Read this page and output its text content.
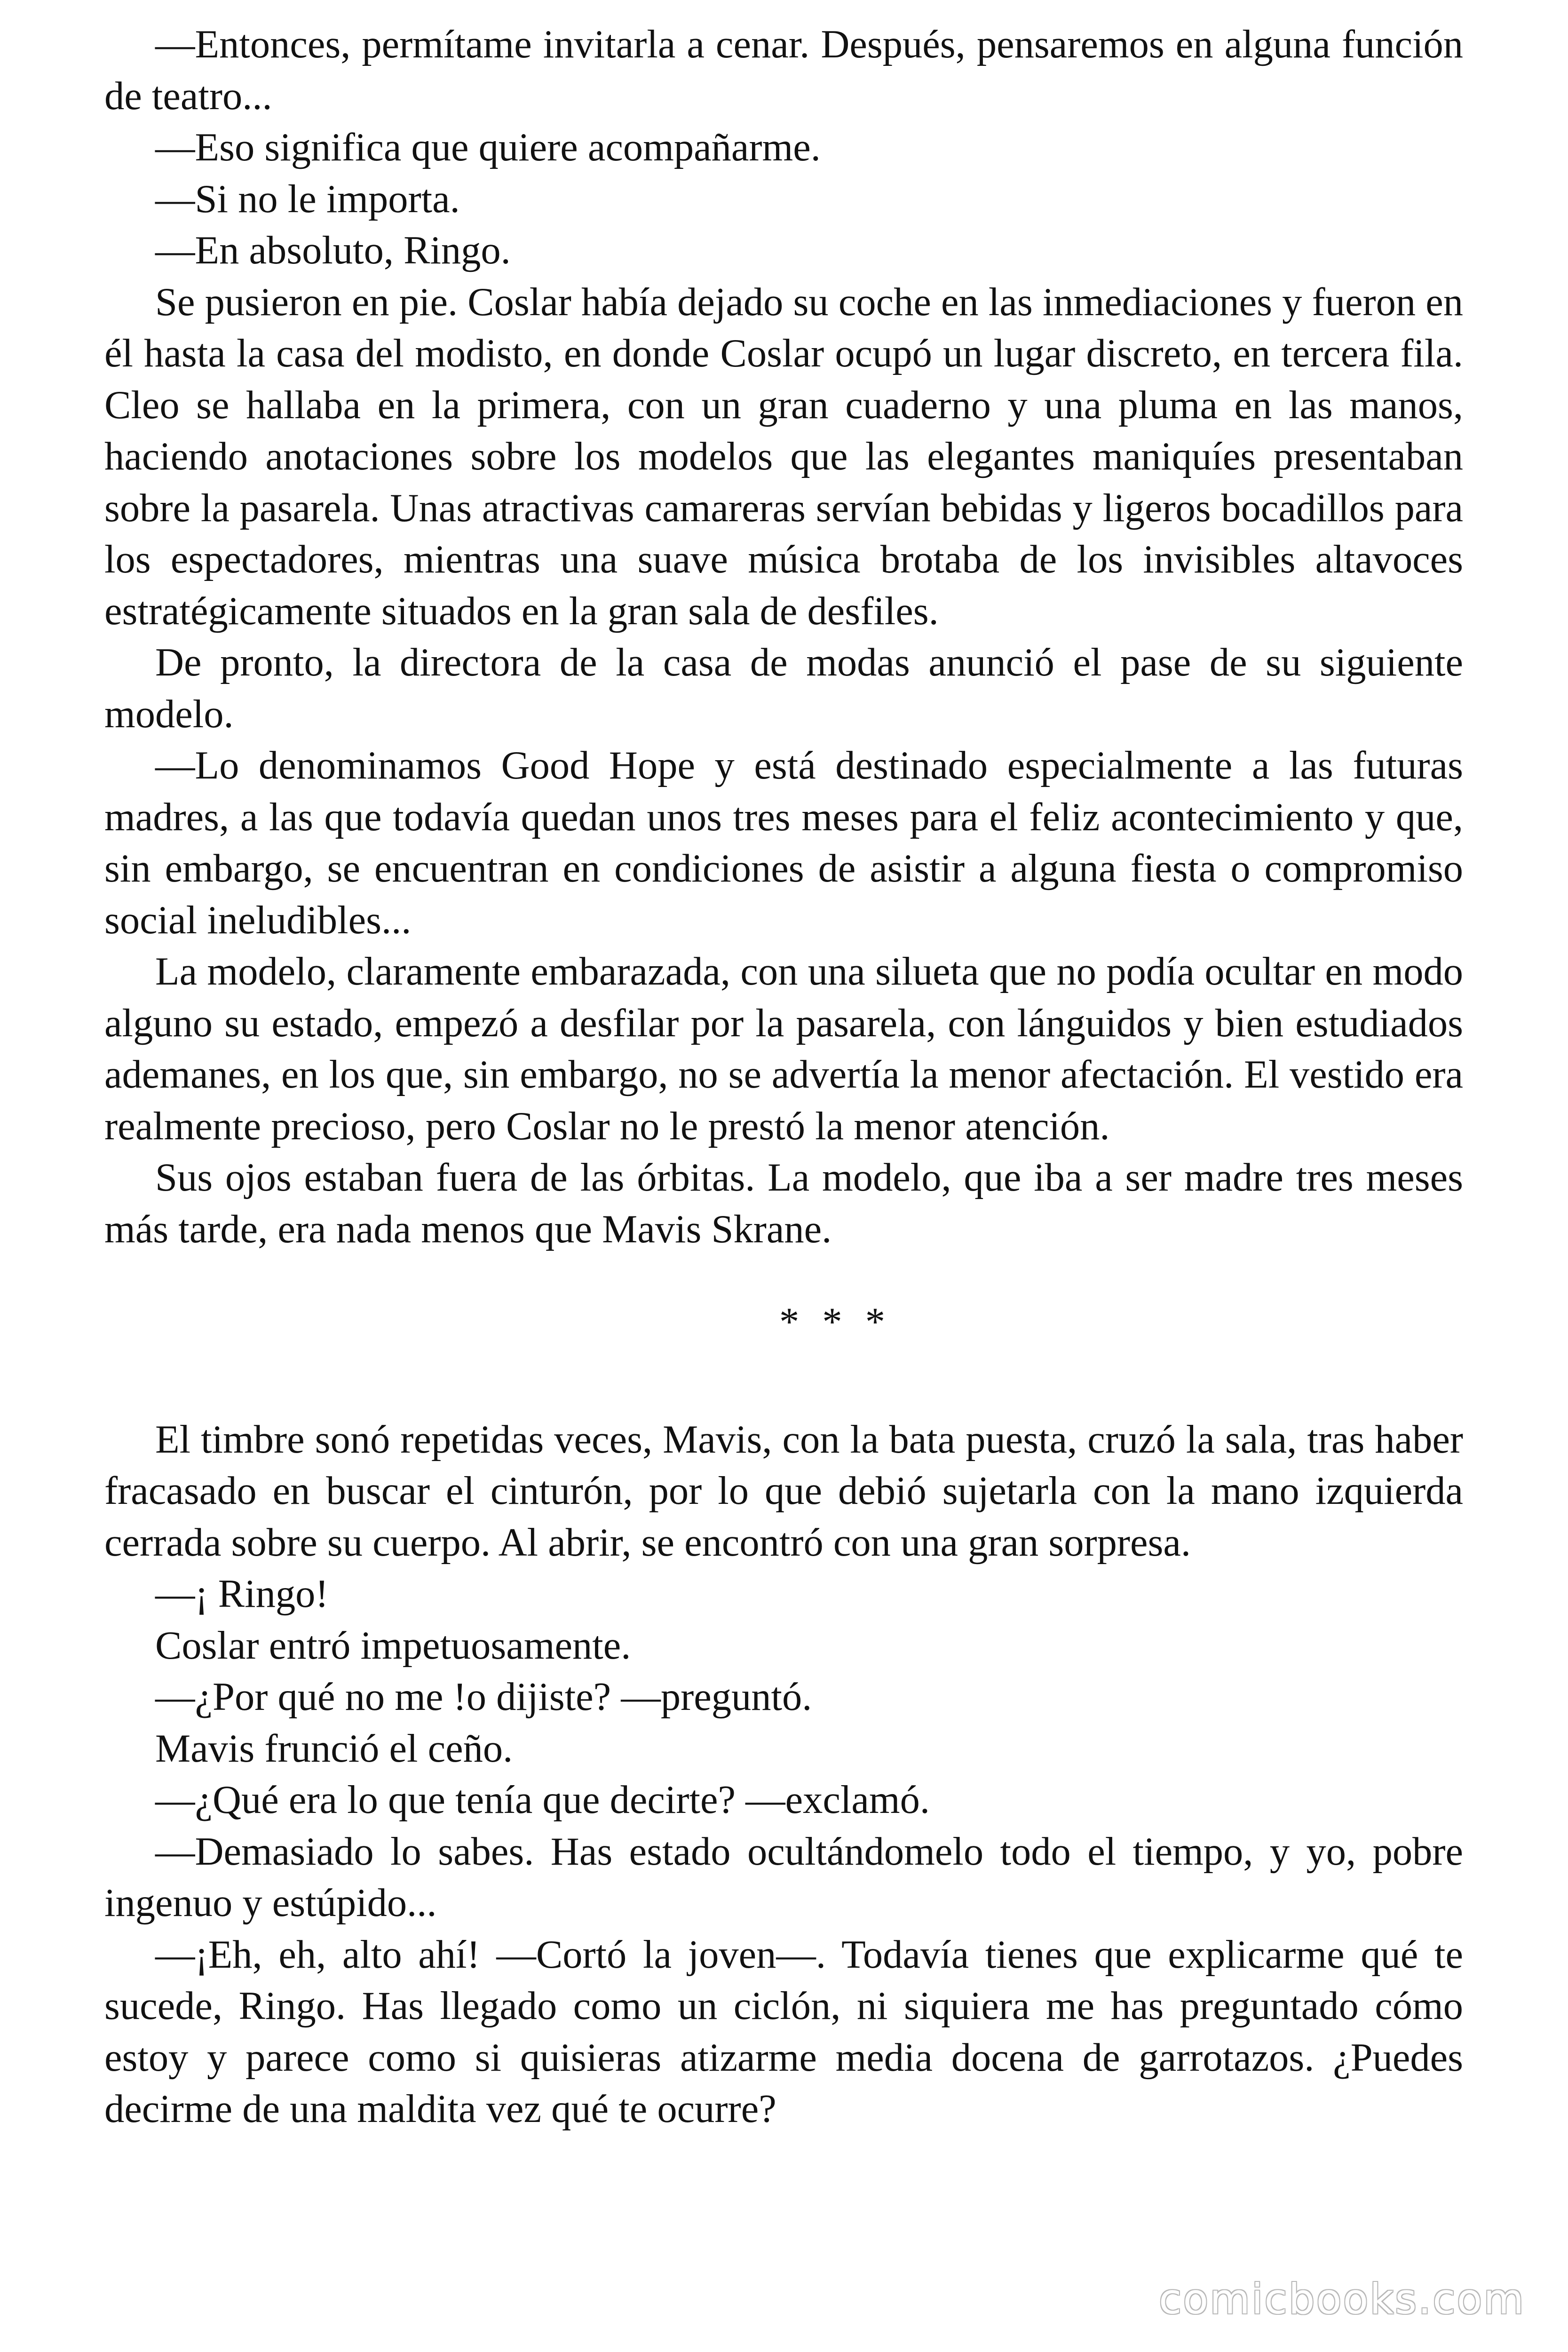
—Entonces, permítame invitarla a cenar. Después, pensaremos en alguna función de teatro...

—Eso significa que quiere acompañarme.

—Si no le importa.

—En absoluto, Ringo.

Se pusieron en pie. Coslar había dejado su coche en las inmediaciones y fueron en él hasta la casa del modisto, en donde Coslar ocupó un lugar discreto, en tercera fila. Cleo se hallaba en la primera, con un gran cuaderno y una pluma en las manos, haciendo anotaciones sobre los modelos que las elegantes maniquíes presentaban sobre la pasarela. Unas atractivas camareras servían bebidas y ligeros bocadillos para los espectadores, mientras una suave música brotaba de los invisibles altavoces estratégicamente situados en la gran sala de desfiles.

De pronto, la directora de la casa de modas anunció el pase de su siguiente modelo.

—Lo denominamos Good Hope y está destinado especialmente a las futuras madres, a las que todavía quedan unos tres meses para el feliz acontecimiento y que, sin embargo, se encuentran en condiciones de asistir a alguna fiesta o compromiso social ineludibles...

La modelo, claramente embarazada, con una silueta que no podía ocultar en modo alguno su estado, empezó a desfilar por la pasarela, con lánguidos y bien estudiados ademanes, en los que, sin embargo, no se advertía la menor afectación. El vestido era realmente precioso, pero Coslar no le prestó la menor atención.

Sus ojos estaban fuera de las órbitas. La modelo, que iba a ser madre tres meses más tarde, era nada menos que Mavis Skrane.

* * *

El timbre sonó repetidas veces, Mavis, con la bata puesta, cruzó la sala, tras haber fracasado en buscar el cinturón, por lo que debió sujetarla con la mano izquierda cerrada sobre su cuerpo. Al abrir, se encontró con una gran sorpresa.

—¡ Ringo!

Coslar entró impetuosamente.

—¿Por qué no me !o dijiste? —preguntó.

Mavis frunció el ceño.

—¿Qué era lo que tenía que decirte? —exclamó.

—Demasiado lo sabes. Has estado ocultándomelo todo el tiempo, y yo, pobre ingenuo y estúpido...

—¡Eh, eh, alto ahí! —Cortó la joven—. Todavía tienes que explicarme qué te sucede, Ringo. Has llegado como un ciclón, ni siquiera me has preguntado cómo estoy y parece como si quisieras atizarme media docena de garrotazos. ¿Puedes decirme de una maldita vez qué te ocurre?

comicbooks.com
